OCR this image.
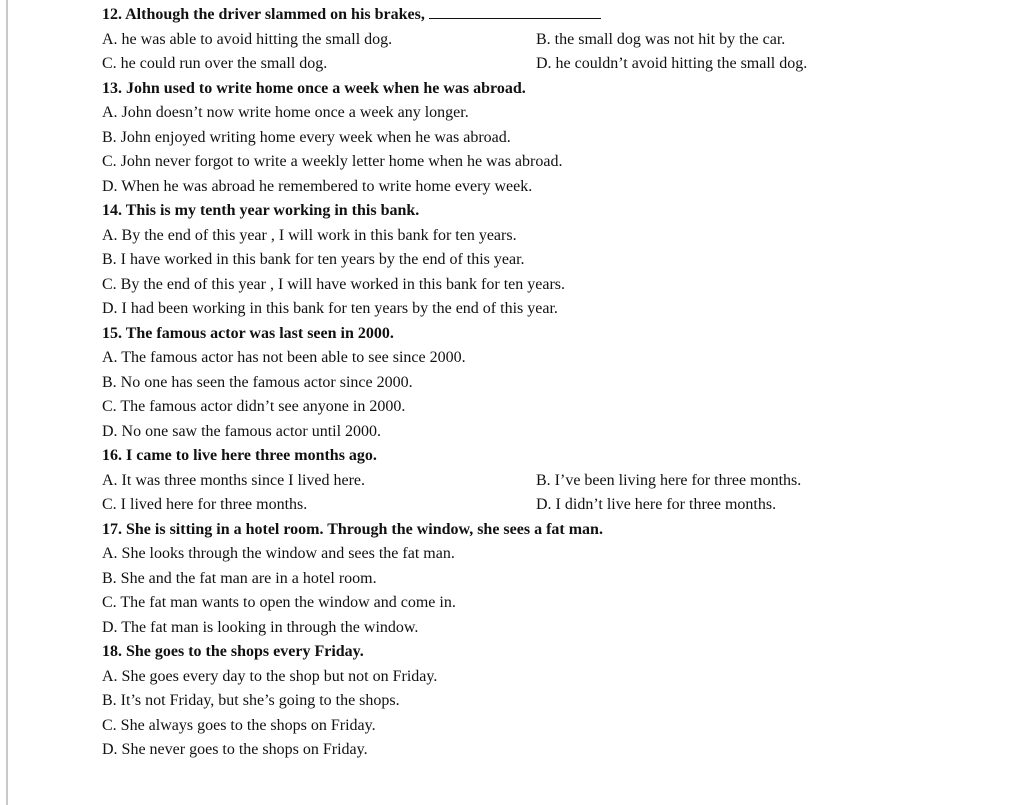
12. Although the driver slammed on his brakes,
A. he was able to avoid hitting the small dog.	B. the small dog was not hit by the car.
C. he could run over the small dog.	D. he couldn’t avoid hitting the small dog.
13. John used to write home once a week when he was abroad.
A. John doesn’t now write home once a week any longer.
B. John enjoyed writing home every week when he was abroad.
C. John never forgot to write a weekly letter home when he was abroad.
D. When he was abroad he remembered to write home every week.
14. This is my tenth year working in this bank.
A. By the end of this year , I will work in this bank for ten years.
B. I have worked in this bank for ten years by the end of this year.
C. By the end of this year , I will have worked in this bank for ten years.
D. I had been working in this bank for ten years by the end of this year.
15. The famous actor was last seen in 2000.
A. The famous actor has not been able to see since 2000.
B. No one has seen the famous actor since 2000.
C. The famous actor didn’t see anyone in 2000.
D. No one saw the famous actor until 2000.
16. I came to live here three months ago.
A. It was three months since I lived here.	B. I’ve been living here for three months.
C. I lived here for three months.	D. I didn’t live here for three months.
17. She is sitting in a hotel room. Through the window, she sees a fat man.
A. She looks through the window and sees the fat man.
B. She and the fat man are in a hotel room.
C. The fat man wants to open the window and come in.
D. The fat man is looking in through the window.
18. She goes to the shops every Friday.
A. She goes every day to the shop but not on Friday.
B. It’s not Friday, but she’s going to the shops.
C. She always goes to the shops on Friday.
D. She never goes to the shops on Friday.
